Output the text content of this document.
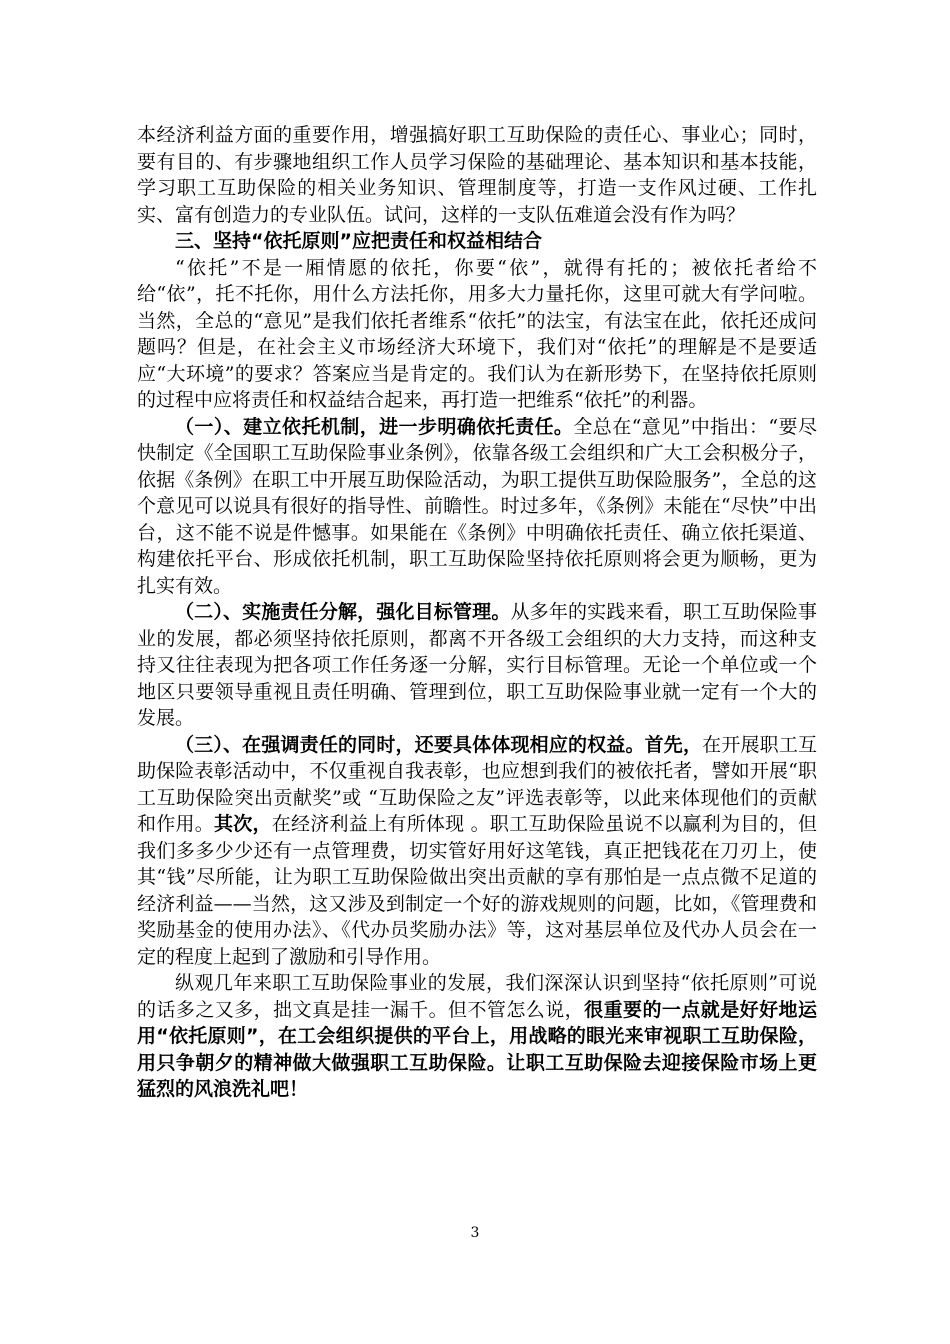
本经济利益方面的重要作用，增强搞好职工互助保险的责任心、事业心；同时，要有目的、有步骤地组织工作人员学习保险的基础理论、基本知识和基本技能，学习职工互助保险的相关业务知识、管理制度等，打造一支作风过硬、工作扎实、富有创造力的专业队伍。试问，这样的一支队伍难道会没有作为吗？

三、坚持“依托原则”应把责任和权益相结合

“依托”不是一厢情愿的依托，你要“依”，就得有托的；被依托者给不给“依”，托不托你，用什么方法托你，用多大力量托你，这里可就大有学问啦。当然，全总的“意见”是我们依托者维系“依托”的法宝，有法宝在此，依托还成问题吗？但是，在社会主义市场经济大环境下，我们对“依托”的理解是不是要适应“大环境”的要求？答案应当是肯定的。我们认为在新形势下，在坚持依托原则的过程中应将责任和权益结合起来，再打造一把维系“依托”的利器。

（一）、建立依托机制，进一步明确依托责任。全总在“意见”中指出：“要尽快制定《全国职工互助保险事业条例》，依靠各级工会组织和广大工会积极分子，依据《条例》在职工中开展互助保险活动，为职工提供互助保险服务”，全总的这个意见可以说具有很好的指导性、前瞻性。时过多年，《条例》未能在“尽快”中出台，这不能不说是件憾事。如果能在《条例》中明确依托责任、确立依托渠道、构建依托平台、形成依托机制，职工互助保险坚持依托原则将会更为顺畅，更为扎实有效。

（二）、实施责任分解，强化目标管理。从多年的实践来看，职工互助保险事业的发展，都必须坚持依托原则，都离不开各级工会组织的大力支持，而这种支持又往往表现为把各项工作任务逐一分解，实行目标管理。无论一个单位或一个地区只要领导重视且责任明确、管理到位，职工互助保险事业就一定有一个大的发展。

（三）、在强调责任的同时，还要具体体现相应的权益。首先，在开展职工互助保险表彰活动中，不仅重视自我表彰，也应想到我们的被依托者，譬如开展“职工互助保险突出贡献奖”或 “互助保险之友”评选表彰等，以此来体现他们的贡献和作用。其次，在经济利益上有所体现 。职工互助保险虽说不以赢利为目的，但我们多多少少还有一点管理费，切实管好用好这笔钱，真正把钱花在刀刃上，使其“钱”尽所能，让为职工互助保险做出突出贡献的享有那怕是一点点微不足道的经济利益——当然，这又涉及到制定一个好的游戏规则的问题，比如，《管理费和奖励基金的使用办法》、《代办员奖励办法》等，这对基层单位及代办人员会在一定的程度上起到了激励和引导作用。

纵观几年来职工互助保险事业的发展，我们深深认识到坚持“依托原则”可说的话多之又多，拙文真是挂一漏千。但不管怎么说，很重要的一点就是好好地运用“依托原则”，在工会组织提供的平台上，用战略的眼光来审视职工互助保险，用只争朝夕的精神做大做强职工互助保险。让职工互助保险去迎接保险市场上更猛烈的风浪洗礼吧！

3
